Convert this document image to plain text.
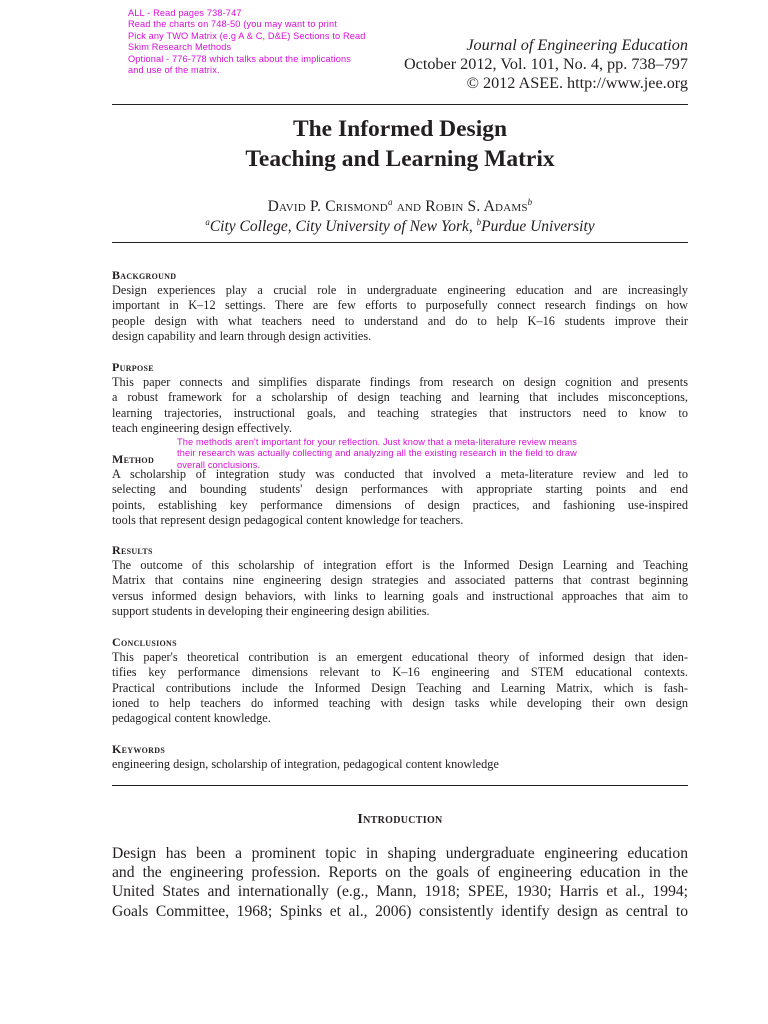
ALL - Read pages 738-747
Read the charts on 748-50 (you may want to print
Pick any TWO Matrix (e.g A & C, D&E) Sections to Read
Skim Research Methods
Optional - 776-778 which talks about the implications
and use of the matrix.
Journal of Engineering Education
October 2012, Vol. 101, No. 4, pp. 738–797
© 2012 ASEE. http://www.jee.org
The Informed Design
Teaching and Learning Matrix
David P. Crismond$^a$ and Robin S. Adams$^b$
$^a$City College, City University of New York, $^b$Purdue University
Background
Design experiences play a crucial role in undergraduate engineering education and are increasingly
important in K–12 settings. There are few efforts to purposefully connect research findings on how
people design with what teachers need to understand and do to help K–16 students improve their
design capability and learn through design activities.
Purpose
This paper connects and simplifies disparate findings from research on design cognition and presents
a robust framework for a scholarship of design teaching and learning that includes misconceptions,
learning trajectories, instructional goals, and teaching strategies that instructors need to know to
teach engineering design effectively.
The methods aren't important for your reflection. Just know that a meta-literature review means
their research was actually collecting and analyzing all the existing research in the field to draw
overall conclusions.
Method
A scholarship of integration study was conducted that involved a meta-literature review and led to
selecting and bounding students' design performances with appropriate starting points and end
points, establishing key performance dimensions of design practices, and fashioning use-inspired
tools that represent design pedagogical content knowledge for teachers.
Results
The outcome of this scholarship of integration effort is the Informed Design Learning and Teaching
Matrix that contains nine engineering design strategies and associated patterns that contrast beginning
versus informed design behaviors, with links to learning goals and instructional approaches that aim to
support students in developing their engineering design abilities.
Conclusions
This paper's theoretical contribution is an emergent educational theory of informed design that iden-
tifies key performance dimensions relevant to K–16 engineering and STEM educational contexts.
Practical contributions include the Informed Design Teaching and Learning Matrix, which is fash-
ioned to help teachers do informed teaching with design tasks while developing their own design
pedagogical content knowledge.
Keywords
engineering design, scholarship of integration, pedagogical content knowledge
Introduction
Design has been a prominent topic in shaping undergraduate engineering education
and the engineering profession. Reports on the goals of engineering education in the
United States and internationally (e.g., Mann, 1918; SPEE, 1930; Harris et al., 1994;
Goals Committee, 1968; Spinks et al., 2006) consistently identify design as central to
